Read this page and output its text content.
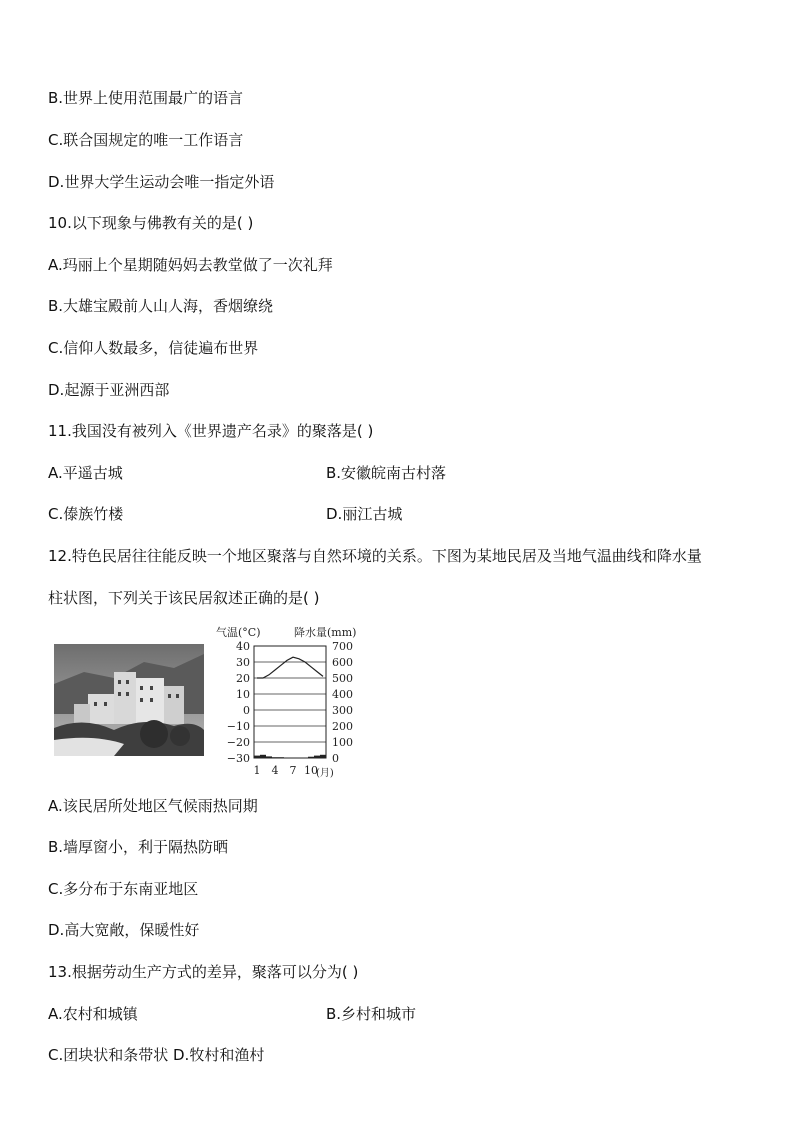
B.世界上使用范围最广的语言
C.联合国规定的唯一工作语言
D.世界大学生运动会唯一指定外语
10.以下现象与佛教有关的是( )
A.玛丽上个星期随妈妈去教堂做了一次礼拜
B.大雄宝殿前人山人海，香烟缭绕
C.信仰人数最多，信徒遍布世界
D.起源于亚洲西部
11.我国没有被列入《世界遗产名录》的聚落是( )
A.平遥古城	B.安徽皖南古村落
C.傣族竹楼	D.丽江古城
12.特色民居往往能反映一个地区聚落与自然环境的关系。下图为某地民居及当地气温曲线和降水量
柱状图，下列关于该民居叙述正确的是( )
气温(°C)	降水量(mm)
40
30
20
10
0
−10
−20
−30
700
600
500
400
300
200
100
0
1 4 7 10
(月)
A.该民居所处地区气候雨热同期
B.墙厚窗小，利于隔热防晒
C.多分布于东南亚地区
D.高大宽敞，保暖性好
13.根据劳动生产方式的差异，聚落可以分为( )
A.农村和城镇	B.乡村和城市
C.团块状和条带状 D.牧村和渔村
